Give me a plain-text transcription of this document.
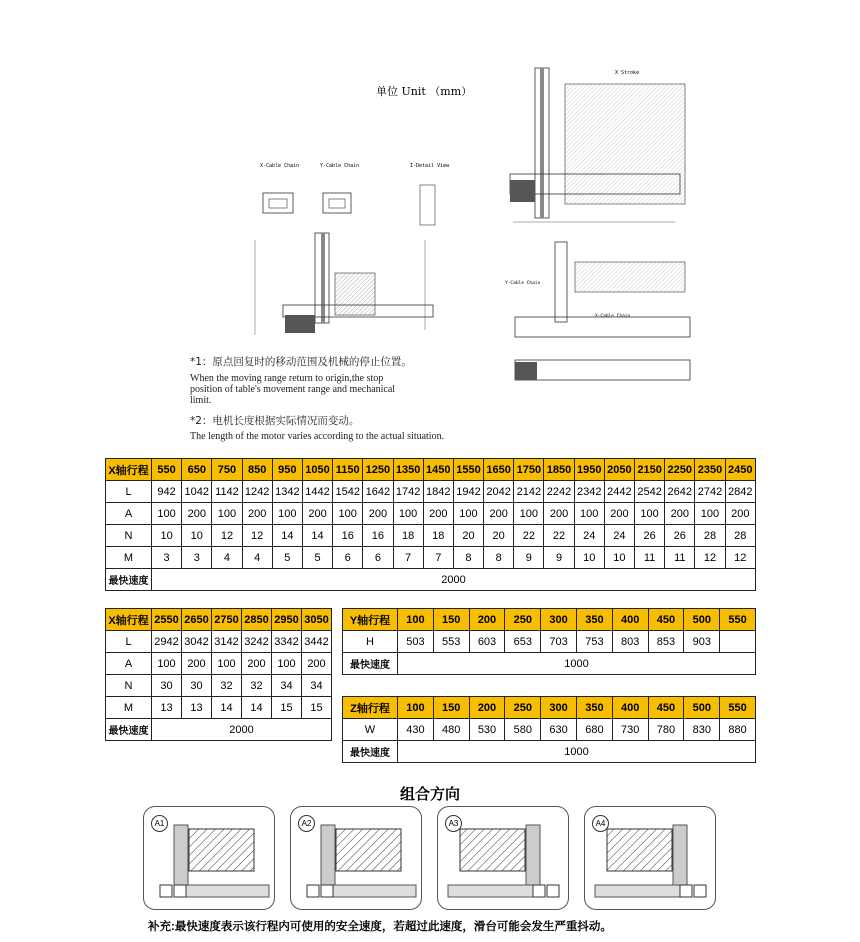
单位 Unit （mm）
X-Cable Chain	Y-Cable Chain	I-Detail View
X Stroke
Y-Cable Chain
X-Cable Chain
*1：原点回复时的移动范围及机械的停止位置。
When the moving range return to origin,the stop
position of table's movement range and mechanical
limit.
*2：电机长度根据实际情况而变动。
The length of the motor varies according to the actual situation.
X轴行程	550	650	750	850	950	1050	1150	1250	1350	1450	1550	1650	1750	1850	1950	2050	2150	2250	2350	2450
L	942	1042	1142	1242	1342	1442	1542	1642	1742	1842	1942	2042	2142	2242	2342	2442	2542	2642	2742	2842
A	100	200	100	200	100	200	100	200	100	200	100	200	100	200	100	200	100	200	100	200
N	10	10	12	12	14	14	16	16	18	18	20	20	22	22	24	24	26	26	28	28
M	3	3	4	4	5	5	6	6	7	7	8	8	9	9	10	10	11	11	12	12
最快速度	2000																			
X轴行程	2550	2650	2750	2850	2950	3050
L	2942	3042	3142	3242	3342	3442
A	100	200	100	200	100	200
N	30	30	32	32	34	34
M	13	13	14	14	15	15
最快速度	2000					
Y轴行程	100	150	200	250	300	350	400	450	500	550
H	503	553	603	653	703	753	803	853	903	
最快速度	1000									
Z轴行程	100	150	200	250	300	350	400	450	500	550
W	430	480	530	580	630	680	730	780	830	880
最快速度	1000									
组合方向
A1	A2	A3	A4
补充:最快速度表示该行程内可使用的安全速度，若超过此速度，滑台可能会发生严重抖动。
